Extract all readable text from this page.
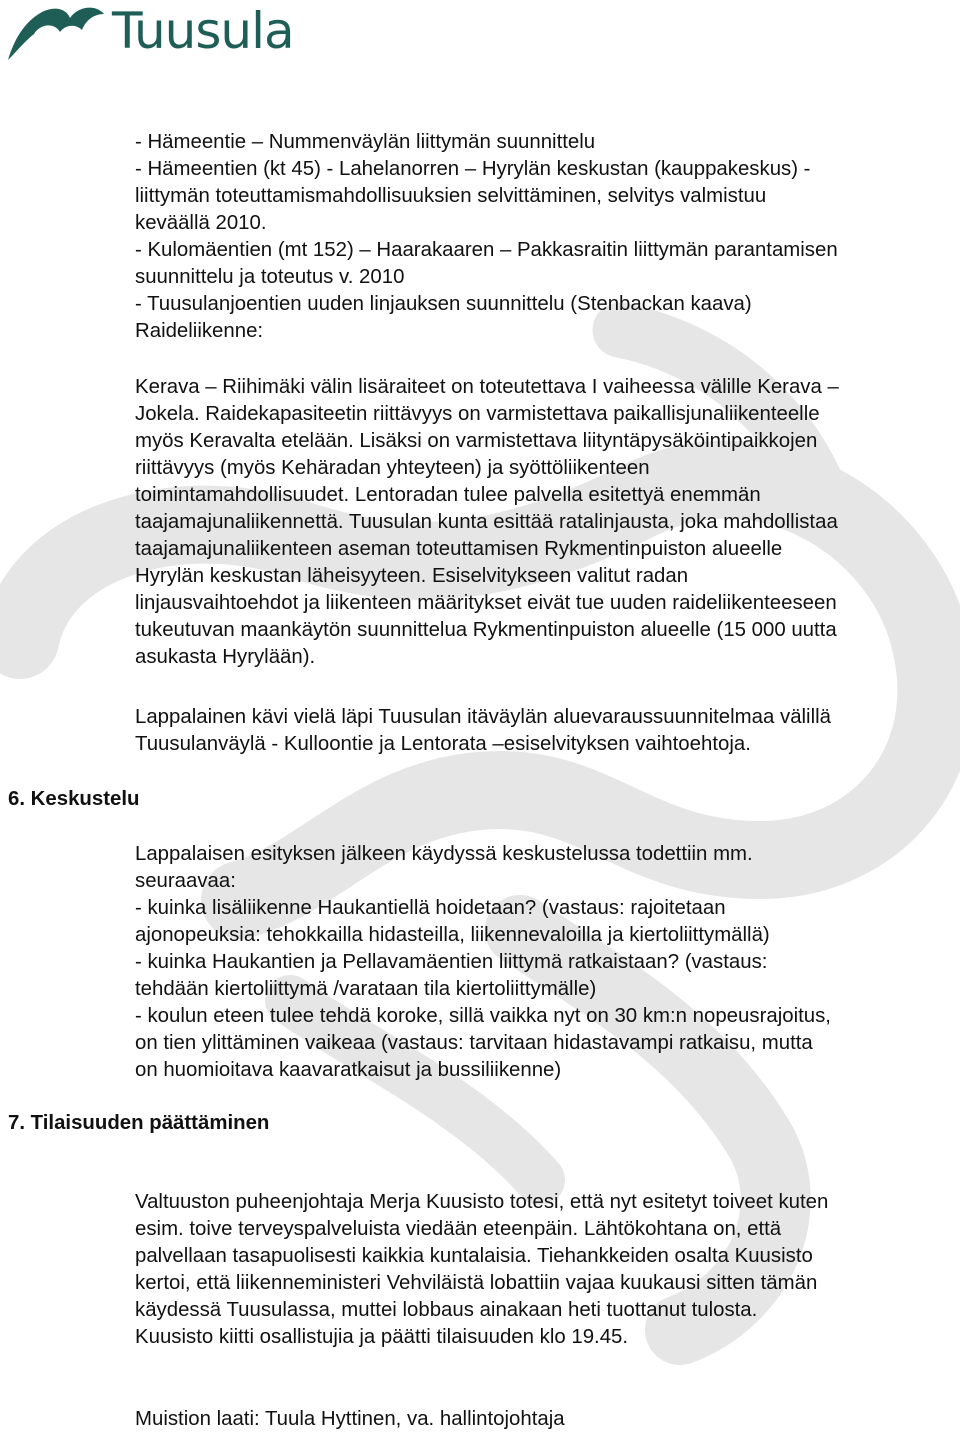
Tuusula

- Hämeentie – Nummenväylän liittymän suunnittelu

- Hämeentien (kt 45) - Lahelanorren – Hyrylän keskustan (kauppakeskus) -

liittymän toteuttamismahdollisuuksien selvittäminen, selvitys valmistuu

keväällä 2010.

- Kulomäentien (mt 152) – Haarakaaren – Pakkasraitin liittymän parantamisen

suunnittelu ja toteutus v. 2010

- Tuusulanjoentien uuden linjauksen suunnittelu (Stenbackan kaava)

Raideliikenne:

Kerava – Riihimäki välin lisäraiteet on toteutettava I vaiheessa välille Kerava –

Jokela. Raidekapasiteetin riittävyys on varmistettava paikallisjunaliikenteelle

myös Keravalta etelään. Lisäksi on varmistettava liityntäpysäköintipaikkojen

riittävyys (myös Kehäradan yhteyteen) ja syöttöliikenteen

toimintamahdollisuudet. Lentoradan tulee palvella esitettyä enemmän

taajamajunaliikennettä. Tuusulan kunta esittää ratalinjausta, joka mahdollistaa

taajamajunaliikenteen aseman toteuttamisen Rykmentinpuiston alueelle

Hyrylän keskustan läheisyyteen. Esiselvitykseen valitut radan

linjausvaihtoehdot ja liikenteen määritykset eivät tue uuden raideliikenteeseen

tukeutuvan maankäytön suunnittelua Rykmentinpuiston alueelle (15 000 uutta

asukasta Hyrylään).

Lappalainen kävi vielä läpi Tuusulan itäväylän aluevaraussuunnitelmaa välillä

Tuusulanväylä - Kulloontie ja Lentorata –esiselvityksen vaihtoehtoja.

6. Keskustelu

Lappalaisen esityksen jälkeen käydyssä keskustelussa todettiin mm.

seuraavaa:

- kuinka lisäliikenne Haukantiellä hoidetaan? (vastaus: rajoitetaan

ajonopeuksia: tehokkailla hidasteilla, liikennevaloilla ja kiertoliittymällä)

- kuinka Haukantien ja Pellavamäentien liittymä ratkaistaan? (vastaus:

tehdään kiertoliittymä /varataan tila kiertoliittymälle)

- koulun eteen tulee tehdä koroke, sillä vaikka nyt on 30 km:n nopeusrajoitus,

on tien ylittäminen vaikeaa (vastaus: tarvitaan hidastavampi ratkaisu, mutta

on huomioitava kaavaratkaisut ja bussiliikenne)

7. Tilaisuuden päättäminen

Valtuuston puheenjohtaja Merja Kuusisto totesi, että nyt esitetyt toiveet kuten

esim. toive terveyspalveluista viedään eteenpäin. Lähtökohtana on, että

palvellaan tasapuolisesti kaikkia kuntalaisia. Tiehankkeiden osalta Kuusisto

kertoi, että liikenneministeri Vehviläistä lobattiin vajaa kuukausi sitten tämän

käydessä Tuusulassa, muttei lobbaus ainakaan heti tuottanut tulosta.

Kuusisto kiitti osallistujia ja päätti tilaisuuden klo 19.45.

Muistion laati: Tuula Hyttinen, va. hallintojohtaja
